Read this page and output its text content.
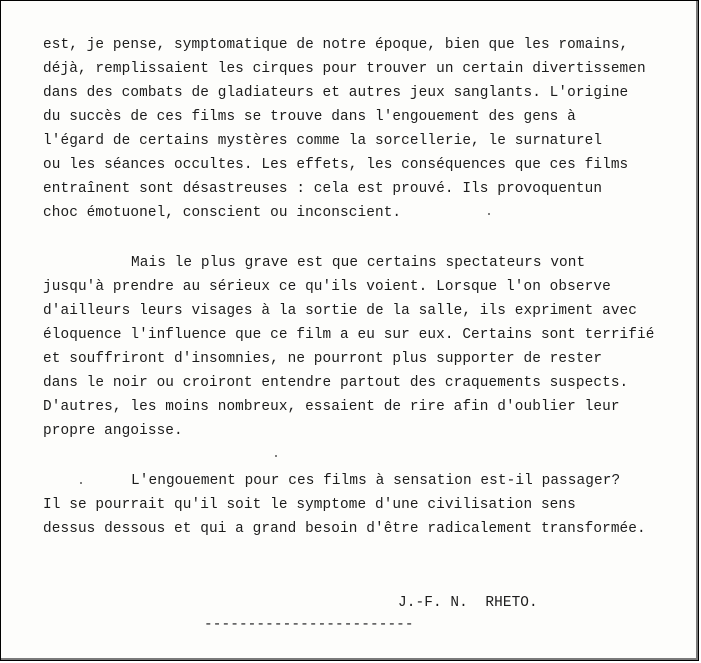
est, je pense, symptomatique de notre époque, bien que les romains,
déjà, remplissaient les cirques pour trouver un certain divertissemen
dans des combats de gladiateurs et autres jeux sanglants. L'origine
du succès de ces films se trouve dans l'engouement des gens à
l'égard de certains mystères comme la sorcellerie, le surnaturel
ou les séances occultes. Les effets, les conséquences que ces films
entraînent sont désastreuses : cela est prouvé. Ils provoquentun
choc émotuonel, conscient ou inconscient.
Mais le plus grave est que certains spectateurs vont
jusqu'à prendre au sérieux ce qu'ils voient. Lorsque l'on observe
d'ailleurs leurs visages à la sortie de la salle, ils expriment avec
éloquence l'influence que ce film a eu sur eux. Certains sont terrifié
et souffriront d'insomnies, ne pourront plus supporter de rester
dans le noir ou croiront entendre partout des craquements suspects.
D'autres, les moins nombreux, essaient de rire afin d'oublier leur
propre angoisse.
L'engouement pour ces films à sensation est-il passager?
Il se pourrait qu'il soit le symptome d'une civilisation sens
dessus dessous et qui a grand besoin d'être radicalement transformée.
J.-F. N.  RHETO.
------------------------
